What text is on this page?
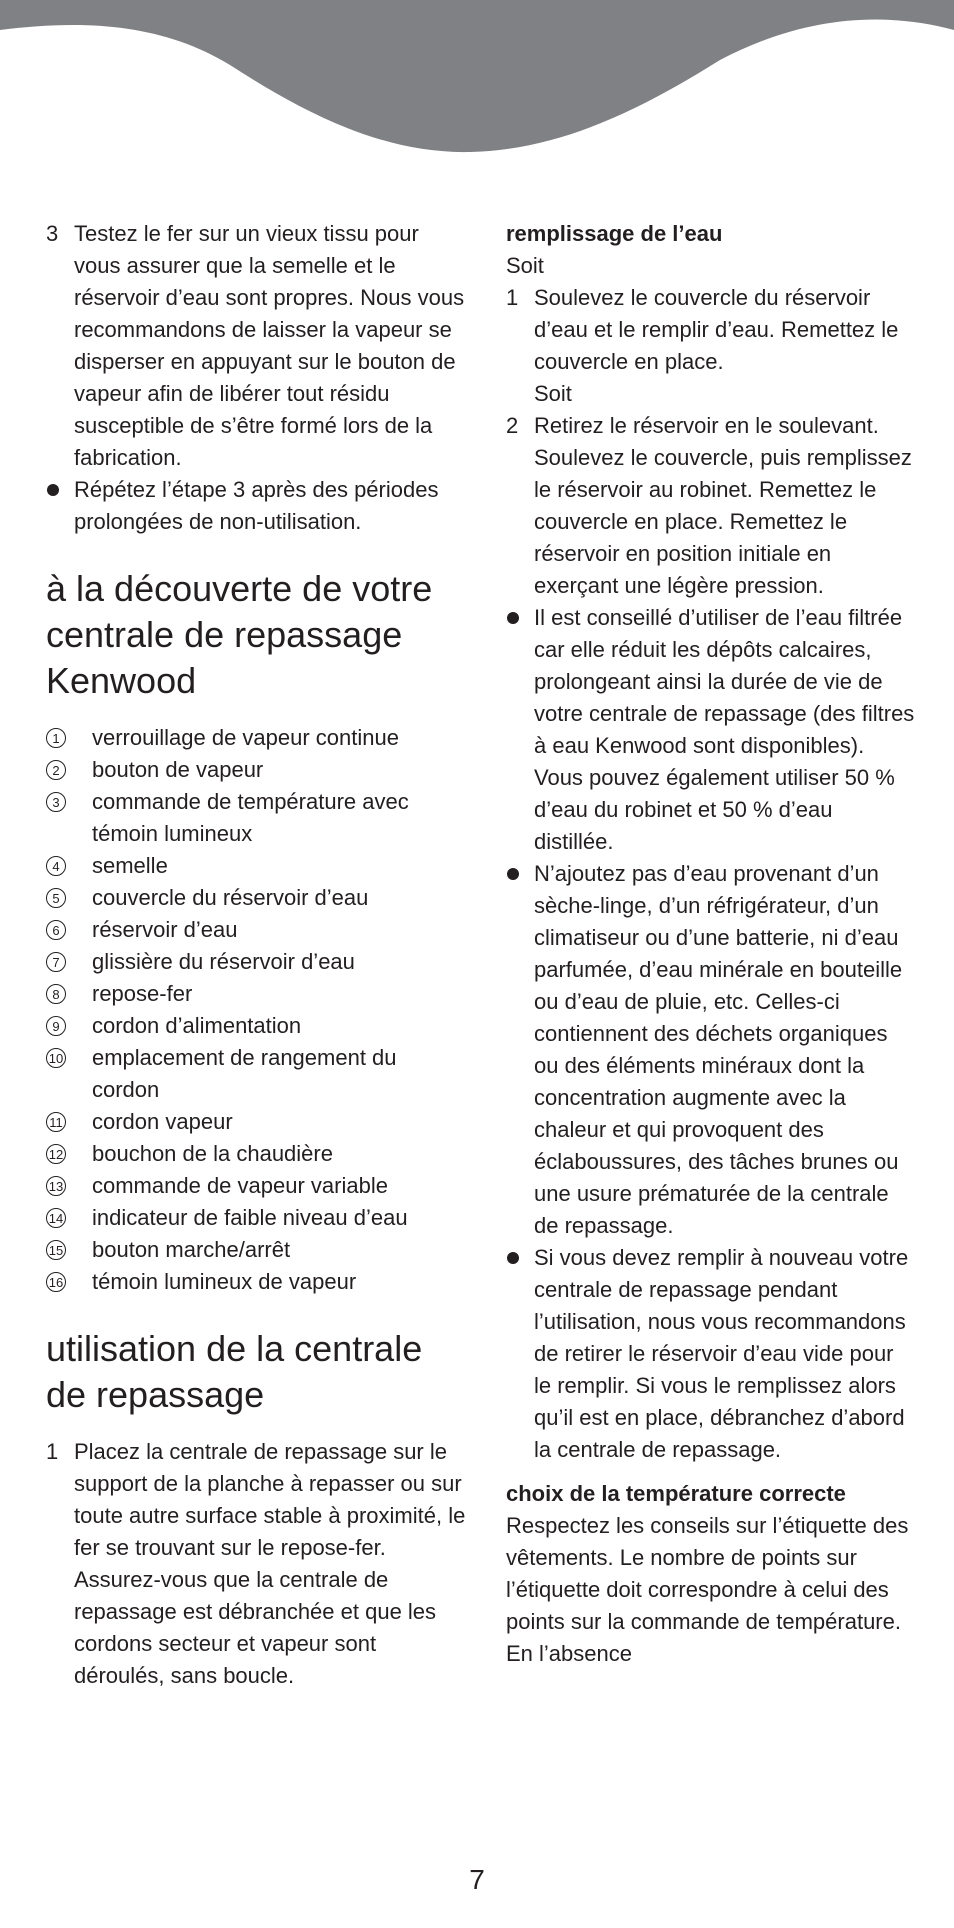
3 Testez le fer sur un vieux tissu pour vous assurer que la semelle et le réservoir d’eau sont propres. Nous vous recommandons de laisser la vapeur se disperser en appuyant sur le bouton de vapeur afin de libérer tout résidu susceptible de s’être formé lors de la fabrication.
Répétez l’étape 3 après des périodes prolongées de non-utilisation.
à la découverte de votre centrale de repassage Kenwood
1 verrouillage de vapeur continue
2 bouton de vapeur
3 commande de température avec témoin lumineux
4 semelle
5 couvercle du réservoir d’eau
6 réservoir d’eau
7 glissière du réservoir d’eau
8 repose-fer
9 cordon d’alimentation
10 emplacement de rangement du cordon
11 cordon vapeur
12 bouchon de la chaudière
13 commande de vapeur variable
14 indicateur de faible niveau d’eau
15 bouton marche/arrêt
16 témoin lumineux de vapeur
utilisation de la centrale de repassage
1 Placez la centrale de repassage sur le support de la planche à repasser ou sur toute autre surface stable à proximité, le fer se trouvant sur le repose-fer. Assurez-vous que la centrale de repassage est débranchée et que les cordons secteur et vapeur sont déroulés, sans boucle.
remplissage de l’eau
Soit
1 Soulevez le couvercle du réservoir d’eau et le remplir d’eau. Remettez le couvercle en place.
Soit
2 Retirez le réservoir en le soulevant. Soulevez le couvercle, puis remplissez le réservoir au robinet. Remettez le couvercle en place. Remettez le réservoir en position initiale en exerçant une légère pression.
Il est conseillé d’utiliser de l’eau filtrée car elle réduit les dépôts calcaires, prolongeant ainsi la durée de vie de votre centrale de repassage (des filtres à eau Kenwood sont disponibles). Vous pouvez également utiliser 50 % d’eau du robinet et 50 % d’eau distillée.
N’ajoutez pas d’eau provenant d’un sèche-linge, d’un réfrigérateur, d’un climatiseur ou d’une batterie, ni d’eau parfumée, d’eau minérale en bouteille ou d’eau de pluie, etc. Celles-ci contiennent des déchets organiques ou des éléments minéraux dont la concentration augmente avec la chaleur et qui provoquent des éclaboussures, des tâches brunes ou une usure prématurée de la centrale de repassage.
Si vous devez remplir à nouveau votre centrale de repassage pendant l’utilisation, nous vous recommandons de retirer le réservoir d’eau vide pour le remplir. Si vous le remplissez alors qu’il est en place, débranchez d’abord la centrale de repassage.
choix de la température correcte
Respectez les conseils sur l’étiquette des vêtements. Le nombre de points sur l’étiquette doit correspondre à celui des points sur la commande de température. En l’absence
7
